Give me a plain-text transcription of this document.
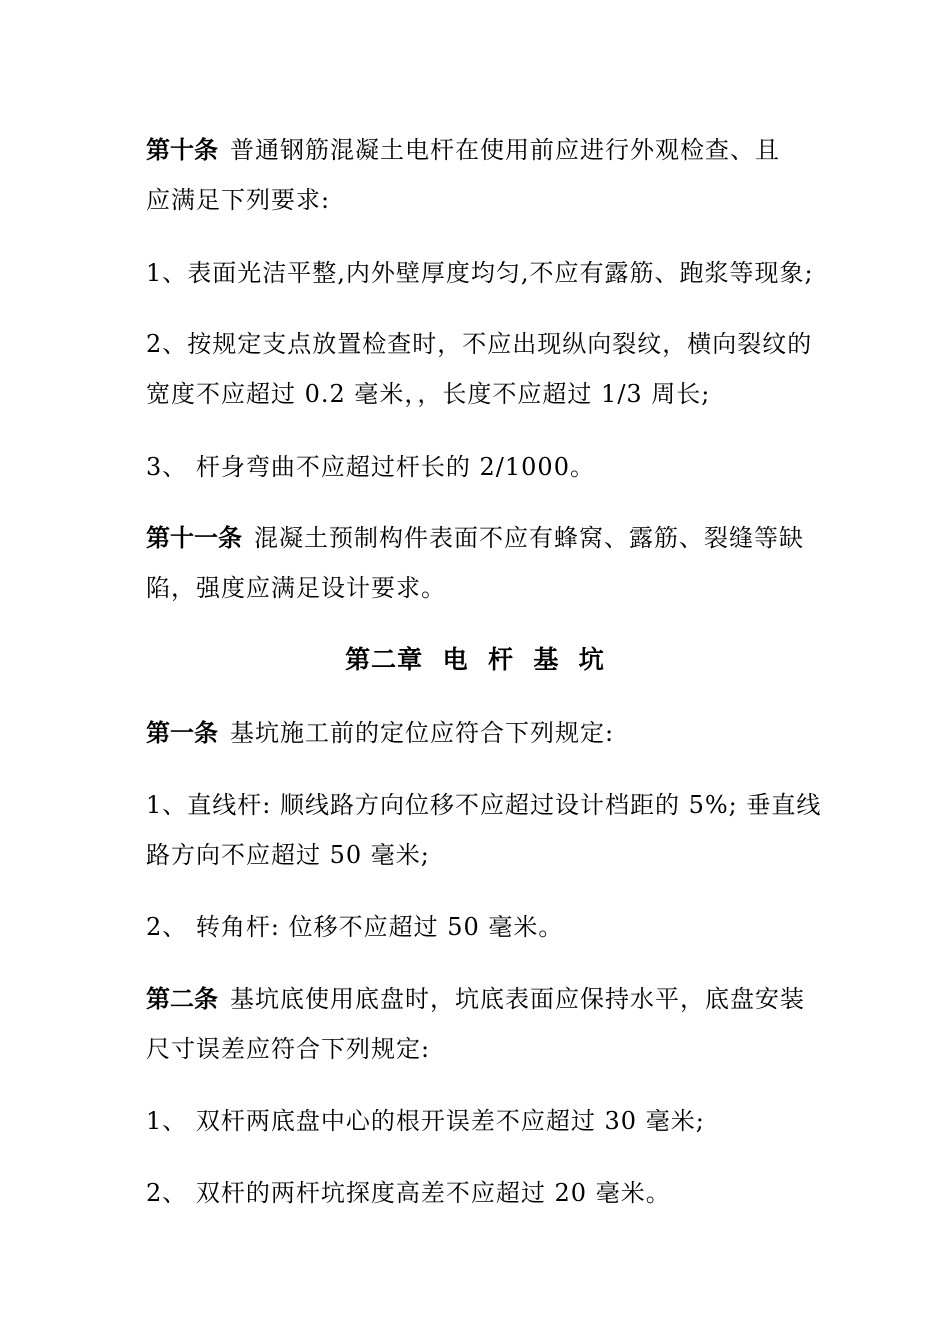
第十条 普通钢筋混凝土电杆在使用前应进行外观检查、且
应满足下列要求:
1、表面光洁平整,内外壁厚度均匀,不应有露筋、跑浆等现象;
2、按规定支点放置检查时，不应出现纵向裂纹，横向裂纹的
宽度不应超过 0.2 毫米，，长度不应超过 1/3 周长;
3、 杆身弯曲不应超过杆长的 2/1000。
第十一条 混凝土预制构件表面不应有蜂窝、露筋、裂缝等缺
陷，强度应满足设计要求。
第二章  电  杆  基  坑
第一条 基坑施工前的定位应符合下列规定:
1、直线杆: 顺线路方向位移不应超过设计档距的 5%; 垂直线
路方向不应超过 50 毫米;
2、 转角杆: 位移不应超过 50 毫米。
第二条 基坑底使用底盘时，坑底表面应保持水平，底盘安装
尺寸误差应符合下列规定:
1、 双杆两底盘中心的根开误差不应超过 30 毫米;
2、 双杆的两杆坑探度高差不应超过 20 毫米。
